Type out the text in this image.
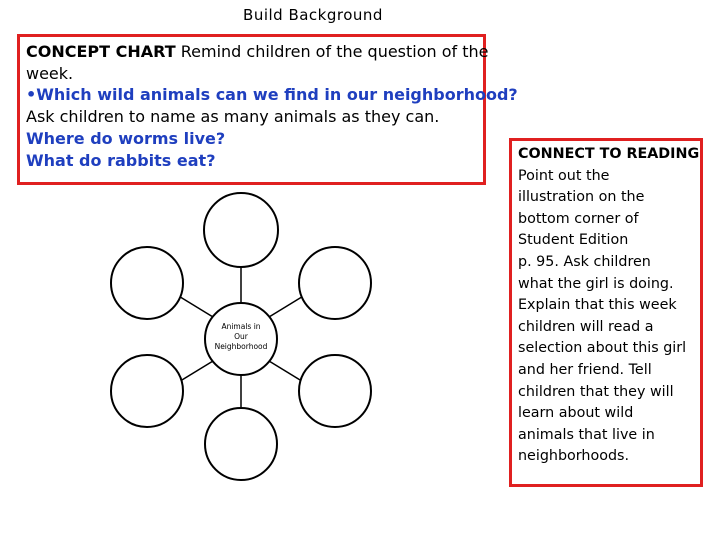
Build Background
Animals in
Our
Neighborhood
CONCEPT CHART Remind children of the question of the
week.
•Which wild animals can we find in our neighborhood?
Ask children to name as many animals as they can.
Where do worms live?
What do rabbits eat?	CONNECT TO READING
Point out the
illustration on the
bottom corner of
Student Edition
p. 95. Ask children
what the girl is doing.
Explain that this week
children will read a
selection about this girl
and her friend. Tell
children that they will
learn about wild
animals that live in
neighborhoods.
